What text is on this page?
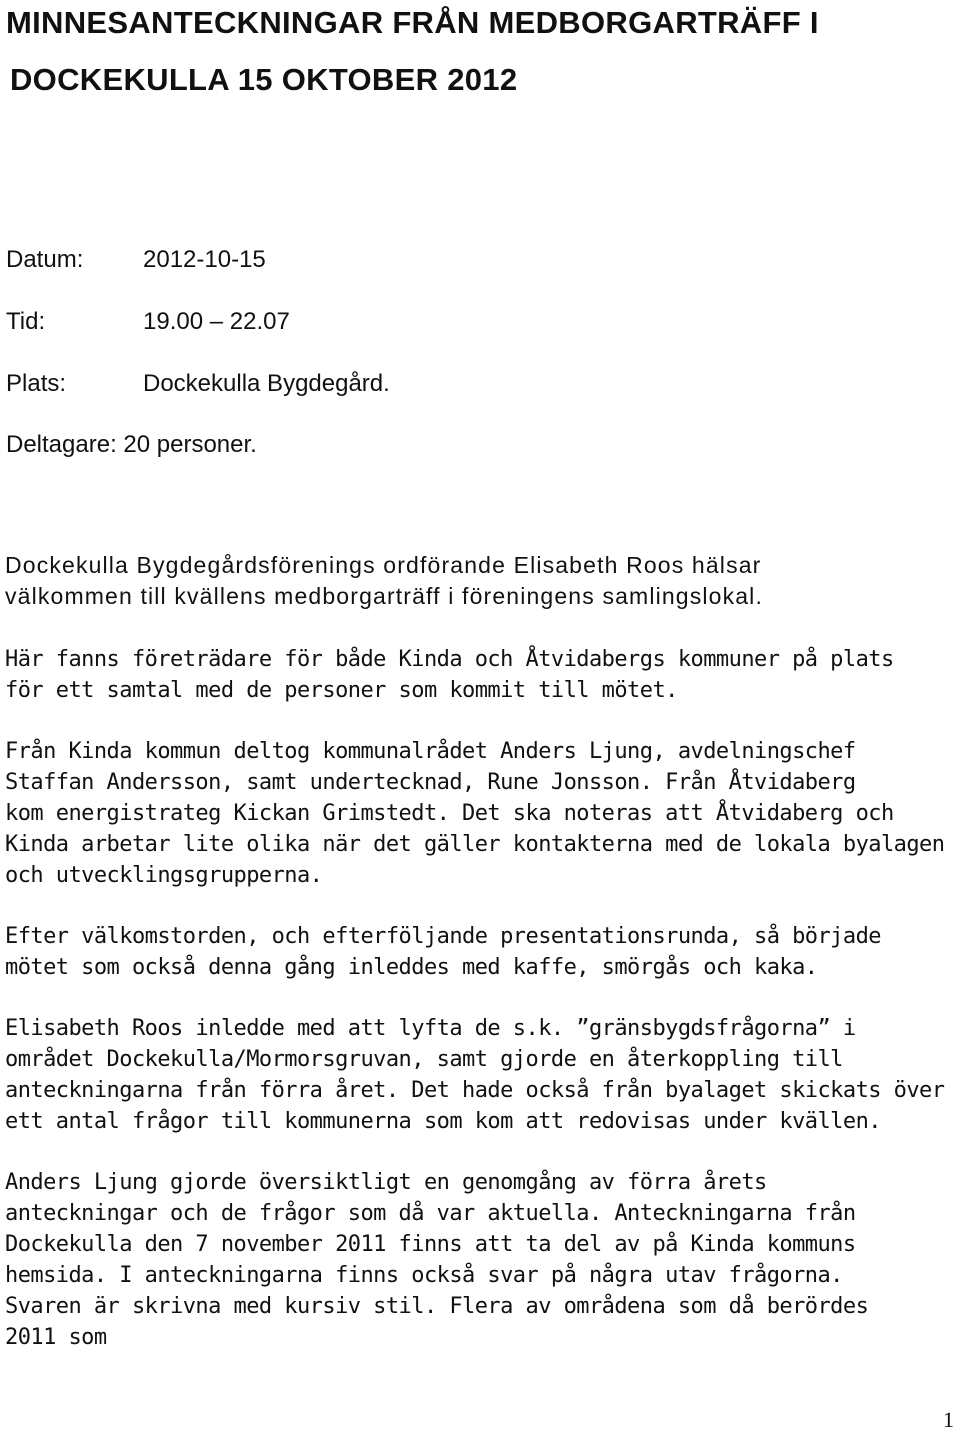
MINNESANTECKNINGAR FRÅN MEDBORGARTRÄFF I
DOCKEKULLA 15 OKTOBER 2012
Datum: 2012-10-15
Tid:	19.00 – 22.07
Plats:	Dockekulla Bygdegård.
Deltagare: 20 personer.

Dockekulla Bygdegårdsförenings ordförande Elisabeth Roos hälsar
välkommen till kvällens medborgarträff i föreningens samlingslokal.

Här fanns företrädare för både Kinda och Åtvidabergs kommuner på plats
för ett samtal med de personer som kommit till mötet.

Från Kinda kommun deltog kommunalrådet Anders Ljung, avdelningschef
Staffan Andersson, samt undertecknad, Rune Jonsson. Från Åtvidaberg
kom energistrateg Kickan Grimstedt. Det ska noteras att Åtvidaberg och
Kinda arbetar lite olika när det gäller kontakterna med de lokala byalagen
och utvecklingsgrupperna.

Efter välkomstorden, och efterföljande presentationsrunda, så började
mötet som också denna gång inleddes med kaffe, smörgås och kaka.

Elisabeth Roos inledde med att lyfta de s.k. ”gränsbygdsfrågorna” i
området Dockekulla/Mormorsgruvan, samt gjorde en återkoppling till
anteckningarna från förra året. Det hade också från byalaget skickats över
ett antal frågor till kommunerna som kom att redovisas under kvällen.

Anders Ljung gjorde översiktligt en genomgång av förra årets
anteckningar och de frågor som då var aktuella. Anteckningarna från
Dockekulla den 7 november 2011 finns att ta del av på Kinda kommuns
hemsida. I anteckningarna finns också svar på några utav frågorna.
Svaren är skrivna med kursiv stil. Flera av områdena som då berördes
2011 som

1
